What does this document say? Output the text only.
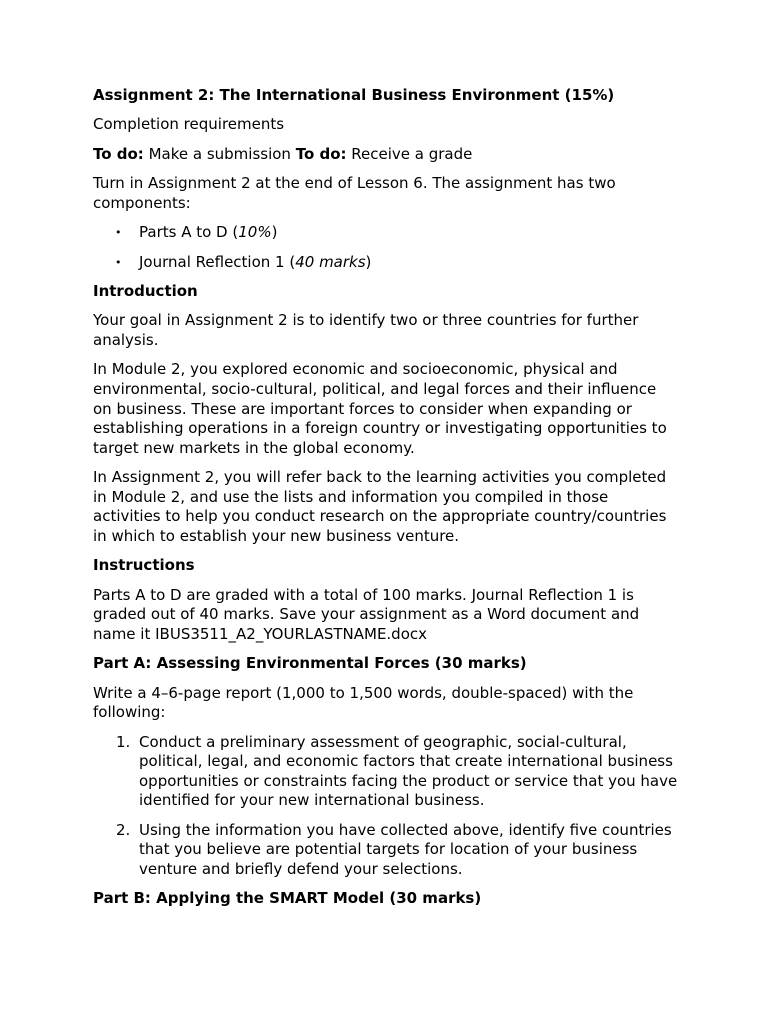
Assignment 2: The International Business Environment (15%)

Completion requirements

To do: Make a submission To do: Receive a grade

Turn in Assignment 2 at the end of Lesson 6. The assignment has two components:

• Parts A to D (10%)
• Journal Reflection 1 (40 marks)

Introduction

Your goal in Assignment 2 is to identify two or three countries for further analysis.

In Module 2, you explored economic and socioeconomic, physical and environmental, socio-cultural, political, and legal forces and their influence on business. These are important forces to consider when expanding or establishing operations in a foreign country or investigating opportunities to target new markets in the global economy.

In Assignment 2, you will refer back to the learning activities you completed in Module 2, and use the lists and information you compiled in those activities to help you conduct research on the appropriate country/countries in which to establish your new business venture.

Instructions

Parts A to D are graded with a total of 100 marks. Journal Reflection 1 is graded out of 40 marks. Save your assignment as a Word document and name it IBUS3511_A2_YOURLASTNAME.docx

Part A: Assessing Environmental Forces (30 marks)

Write a 4–6-page report (1,000 to 1,500 words, double-spaced) with the following:

1. Conduct a preliminary assessment of geographic, social-cultural, political, legal, and economic factors that create international business opportunities or constraints facing the product or service that you have identified for your new international business.
2. Using the information you have collected above, identify five countries that you believe are potential targets for location of your business venture and briefly defend your selections.

Part B: Applying the SMART Model (30 marks)
